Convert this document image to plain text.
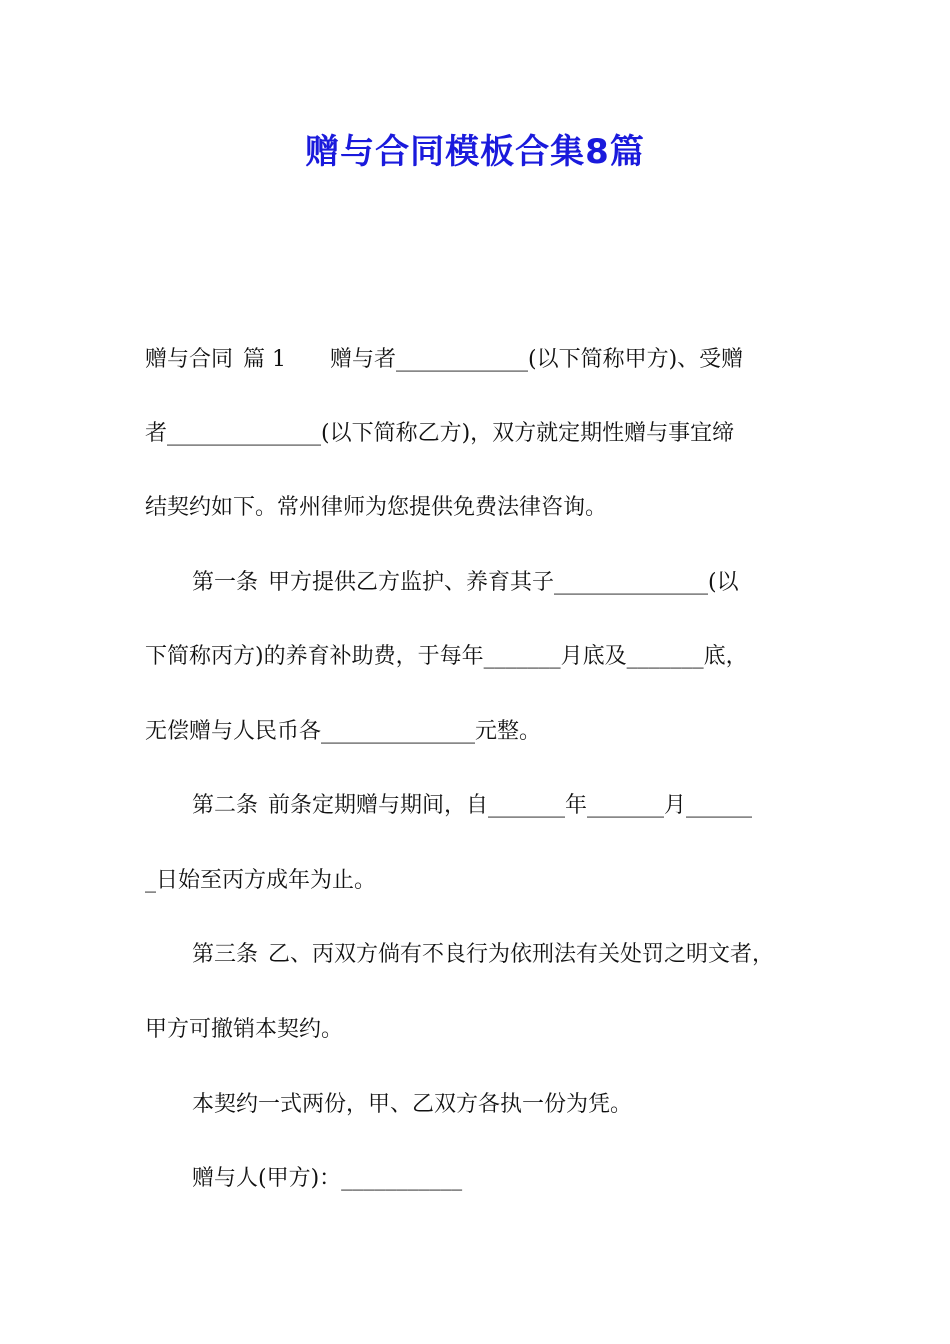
赠与合同模板合集8篇
赠与合同 篇 1 赠与者____________(以下简称甲方)、受赠
者______________(以下简称乙方)，双方就定期性赠与事宜缔
结契约如下。常州律师为您提供免费法律咨询。
第一条 甲方提供乙方监护、养育其子______________(以
下简称丙方)的养育补助费，于每年_______月底及_______底，
无偿赠与人民币各______________元整。
第二条 前条定期赠与期间，自_______年_______月______
_日始至丙方成年为止。
第三条 乙、丙双方倘有不良行为依刑法有关处罚之明文者，
甲方可撤销本契约。
本契约一式两份，甲、乙双方各执一份为凭。
赠与人(甲方)：___________
